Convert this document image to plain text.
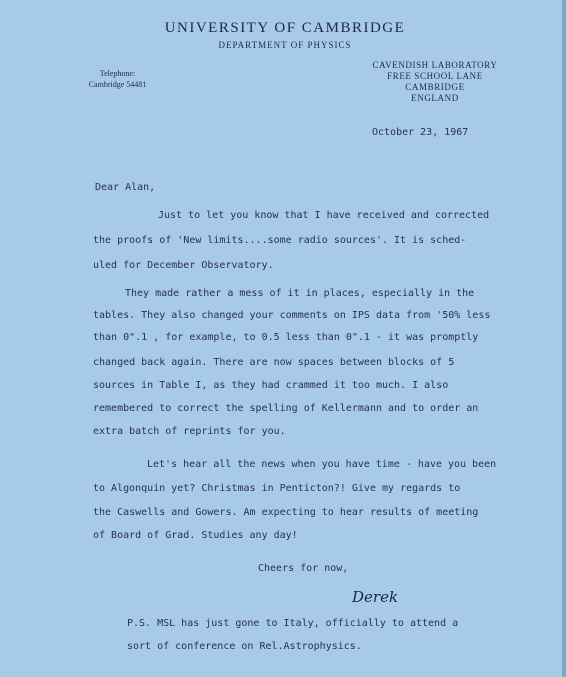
UNIVERSITY OF CAMBRIDGE
DEPARTMENT OF PHYSICS
Telephone:
Cambridge 54481
CAVENDISH LABORATORY
FREE SCHOOL LANE
CAMBRIDGE
ENGLAND
October 23, 1967
Dear Alan,
Just to let you know that I have received and corrected
the proofs of 'New limits....some radio sources'. It is sched-
uled for December Observatory.
They made rather a mess of it in places, especially in the
tables. They also changed your comments on IPS data from '50% less
than 0".1 , for example, to 0.5 less than 0".1 - it was promptly
changed back again. There are now spaces between blocks of 5
sources in Table I, as they had crammed it too much. I also
remembered to correct the spelling of Kellermann and to order an
extra batch of reprints for you.
Let's hear all the news when you have time - have you been
to Algonquin yet? Christmas in Penticton?! Give my regards to
the Caswells and Gowers. Am expecting to hear results of meeting
of Board of Grad. Studies any day!
Cheers for now,
Derek
P.S. MSL has just gone to Italy, officially to attend a
sort of conference on Rel.Astrophysics.
